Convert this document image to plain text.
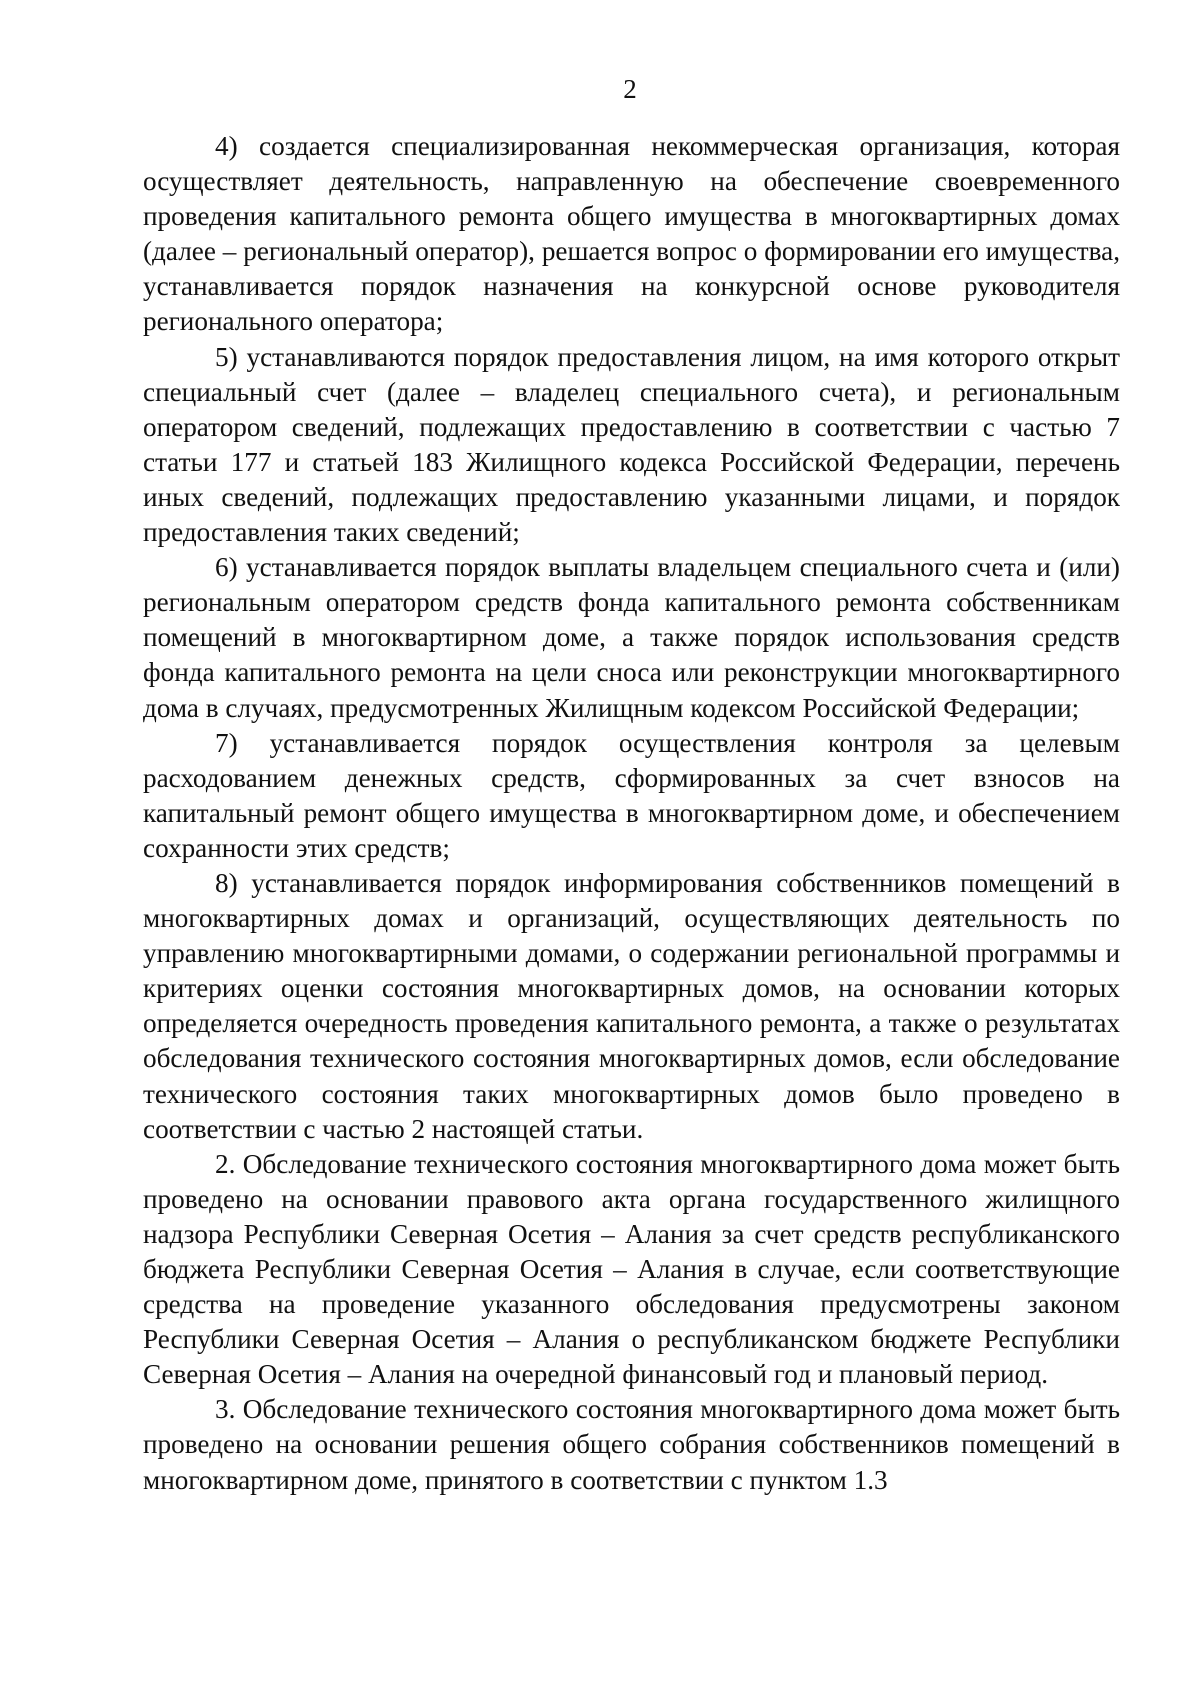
2

4) создается специализированная некоммерческая организация, которая осуществляет деятельность, направленную на обеспечение своевременного проведения капитального ремонта общего имущества в многоквартирных домах (далее – региональный оператор), решается вопрос о формировании его имущества, устанавливается порядок назначения на конкурсной основе руководителя регионального оператора;

5) устанавливаются порядок предоставления лицом, на имя которого открыт специальный счет (далее – владелец специального счета), и региональным оператором сведений, подлежащих предоставлению в соответствии с частью 7 статьи 177 и статьей 183 Жилищного кодекса Российской Федерации, перечень иных сведений, подлежащих предоставлению указанными лицами, и порядок предоставления таких сведений;

6) устанавливается порядок выплаты владельцем специального счета и (или) региональным оператором средств фонда капитального ремонта собственникам помещений в многоквартирном доме, а также порядок использования средств фонда капитального ремонта на цели сноса или реконструкции многоквартирного дома в случаях, предусмотренных Жилищным кодексом Российской Федерации;

7) устанавливается порядок осуществления контроля за целевым расходованием денежных средств, сформированных за счет взносов на капитальный ремонт общего имущества в многоквартирном доме, и обеспечением сохранности этих средств;

8) устанавливается порядок информирования собственников помещений в многоквартирных домах и организаций, осуществляющих деятельность по управлению многоквартирными домами, о содержании региональной программы и критериях оценки состояния многоквартирных домов, на основании которых определяется очередность проведения капитального ремонта, а также о результатах обследования технического состояния многоквартирных домов, если обследование технического состояния таких многоквартирных домов было проведено в соответствии с частью 2 настоящей статьи.

2. Обследование технического состояния многоквартирного дома может быть проведено на основании правового акта органа государственного жилищного надзора Республики Северная Осетия – Алания за счет средств республиканского бюджета Республики Северная Осетия – Алания в случае, если соответствующие средства на проведение указанного обследования предусмотрены законом Республики Северная Осетия – Алания о республиканском бюджете Республики Северная Осетия – Алания на очередной финансовый год и плановый период.

3. Обследование технического состояния многоквартирного дома может быть проведено на основании решения общего собрания собственников помещений в многоквартирном доме, принятого в соответствии с пунктом 1.3
